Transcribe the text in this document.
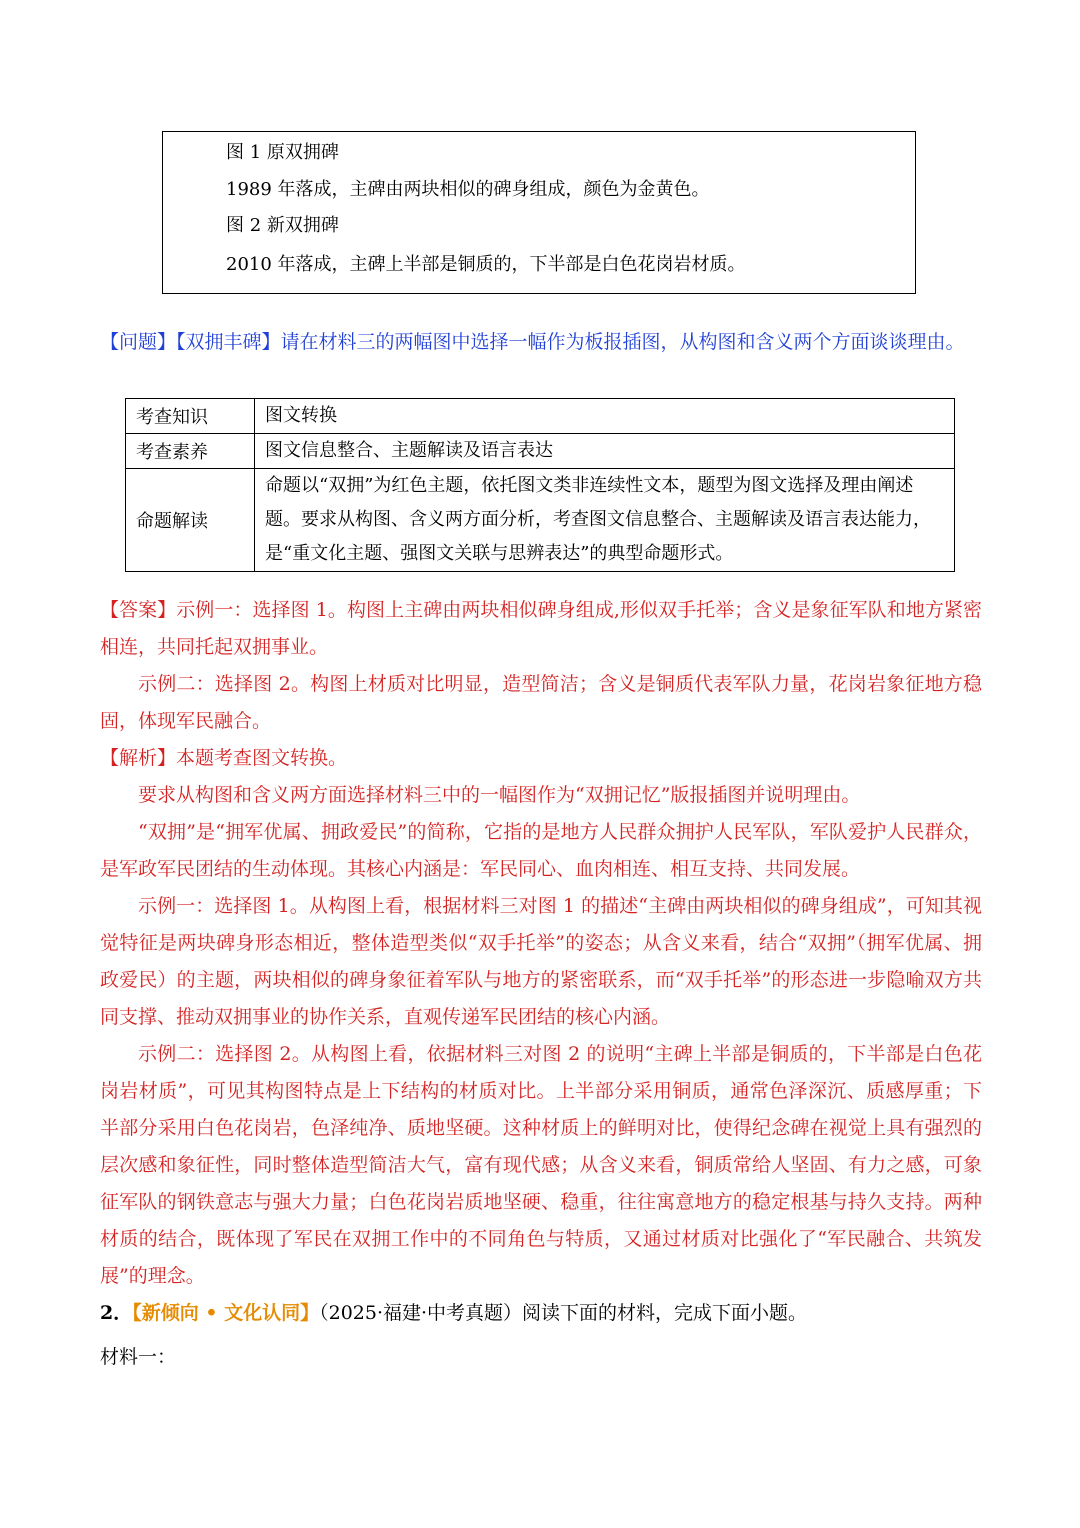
图 1 原双拥碑
1989 年落成，主碑由两块相似的碑身组成，颜色为金黄色。
图 2 新双拥碑
2010 年落成，主碑上半部是铜质的，下半部是白色花岗岩材质。
【问题】【双拥丰碑】请在材料三的两幅图中选择一幅作为板报插图，从构图和含义两个方面谈谈理由。
考查知识	图文转换
考查素养	图文信息整合、主题解读及语言表达
命题解读	命题以“双拥”为红色主题，依托图文类非连续性文本，题型为图文选择及理由阐述题。要求从构图、含义两方面分析，考查图文信息整合、主题解读及语言表达能力，是“重文化主题、强图文关联与思辨表达”的典型命题形式。
【答案】示例一：选择图 1。构图上主碑由两块相似碑身组成,形似双手托举；含义是象征军队和地方紧密相连，共同托起双拥事业。
示例二：选择图 2。构图上材质对比明显，造型简洁；含义是铜质代表军队力量，花岗岩象征地方稳固，体现军民融合。
【解析】本题考查图文转换。
要求从构图和含义两方面选择材料三中的一幅图作为“双拥记忆”版报插图并说明理由。
“双拥”是“拥军优属、拥政爱民”的简称，它指的是地方人民群众拥护人民军队，军队爱护人民群众，是军政军民团结的生动体现。其核心内涵是：军民同心、血肉相连、相互支持、共同发展。
示例一：选择图 1。从构图上看，根据材料三对图 1 的描述“主碑由两块相似的碑身组成”，可知其视觉特征是两块碑身形态相近，整体造型类似“双手托举”的姿态；从含义来看，结合“双拥”（拥军优属、拥政爱民）的主题，两块相似的碑身象征着军队与地方的紧密联系，而“双手托举”的形态进一步隐喻双方共同支撑、推动双拥事业的协作关系，直观传递军民团结的核心内涵。
示例二：选择图 2。从构图上看，依据材料三对图 2 的说明“主碑上半部是铜质的，下半部是白色花岗岩材质”，可见其构图特点是上下结构的材质对比。上半部分采用铜质，通常色泽深沉、质感厚重；下半部分采用白色花岗岩，色泽纯净、质地坚硬。这种材质上的鲜明对比，使得纪念碑在视觉上具有强烈的层次感和象征性，同时整体造型简洁大气，富有现代感；从含义来看，铜质常给人坚固、有力之感，可象征军队的钢铁意志与强大力量；白色花岗岩质地坚硬、稳重，往往寓意地方的稳定根基与持久支持。两种材质的结合，既体现了军民在双拥工作中的不同角色与特质，又通过材质对比强化了“军民融合、共筑发展”的理念。
2．【新倾向 • 文化认同】（2025·福建·中考真题）阅读下面的材料，完成下面小题。
材料一：
